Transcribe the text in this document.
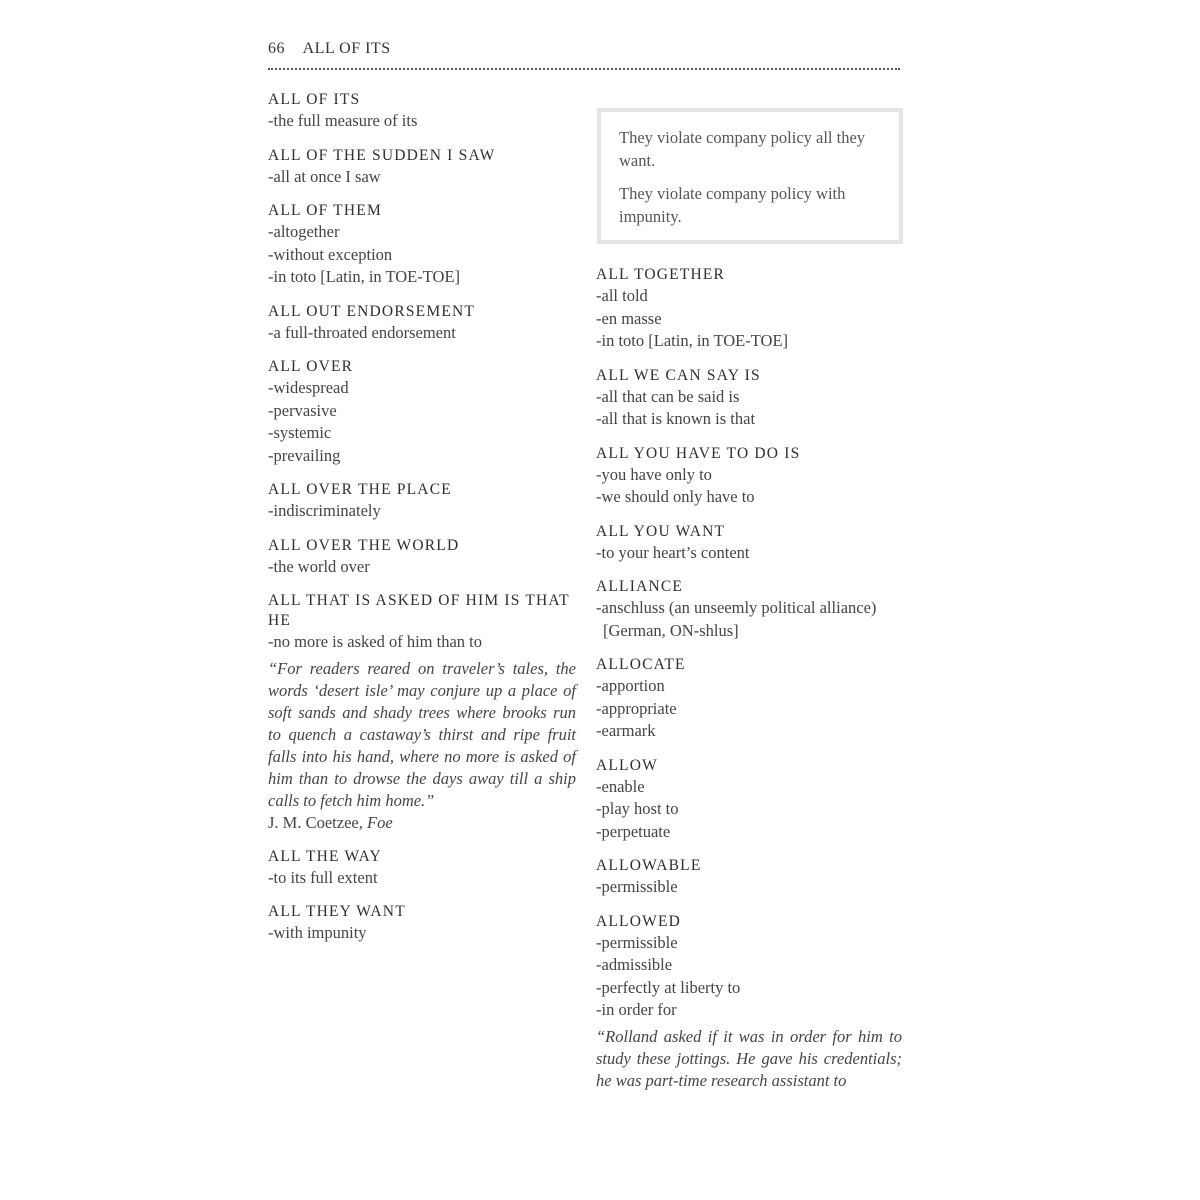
66 ALL OF ITS

They violate company policy all they want.

They violate company policy with impunity.

ALL OF ITS
-the full measure of its
ALL OF THE SUDDEN I SAW
-all at once I saw
ALL OF THEM
-altogether
-without exception
-in toto [Latin, in TOE-TOE]
ALL OUT ENDORSEMENT
-a full-throated endorsement
ALL OVER
-widespread
-pervasive
-systemic
-prevailing
ALL OVER THE PLACE
-indiscriminately
ALL OVER THE WORLD
-the world over
ALL THAT IS ASKED OF HIM IS THAT HE
-no more is asked of him than to
“For readers reared on traveler’s tales, the words ‘desert isle’ may conjure up a place of soft sands and shady trees where brooks run to quench a castaway’s thirst and ripe fruit falls into his hand, where no more is asked of him than to drowse the days away till a ship calls to fetch him home.”
J. M. Coetzee, Foe
ALL THE WAY
-to its full extent
ALL THEY WANT
-with impunity
ALL TOGETHER
-all told
-en masse
-in toto [Latin, in TOE-TOE]
ALL WE CAN SAY IS
-all that can be said is
-all that is known is that
ALL YOU HAVE TO DO IS
-you have only to
-we should only have to
ALL YOU WANT
-to your heart’s content
ALLIANCE
-anschluss (an unseemly political alliance) [German, ON-shlus]
ALLOCATE
-apportion
-appropriate
-earmark
ALLOW
-enable
-play host to
-perpetuate
ALLOWABLE
-permissible
ALLOWED
-permissible
-admissible
-perfectly at liberty to
-in order for
“Rolland asked if it was in order for him to study these jottings. He gave his credentials; he was part-time research assistant to
